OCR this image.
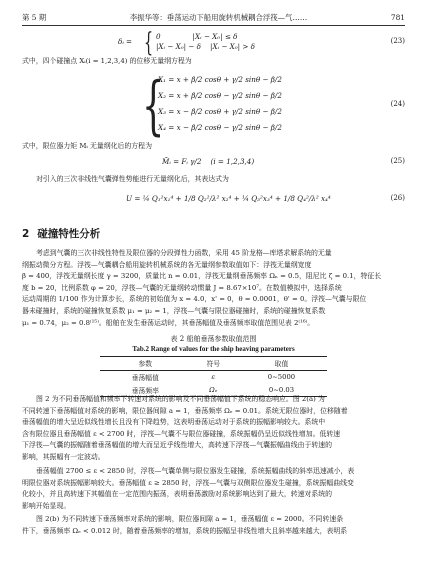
第 5 期	李振华等：垂荡运动下船用旋转机械耦合浮筏—气……	781
δᵢ = { 0              |Xᵢ − X₀| ≤ δ
|Xᵢ − X₀| − δ    |Xᵢ − X₀| > δ
(23)
式中，四个碰撞点 Xᵢ(i = 1,2,3,4) 的位移无量纲方程为
{
X₁ = x + β/2 cosθ + γ/2 sinθ − β/2
X₂ = x + β/2 cosθ − γ/2 sinθ − β/2
X₃ = x − β/2 cosθ + γ/2 sinθ − β/2
X₄ = x − β/2 cosθ − γ/2 sinθ − β/2
(24)
式中，限位器力矩 Mᵢ 无量纲化后的方程为
M̄ᵢ = Fᵢ γ/2    (i = 1,2,3,4)	(25)
对引入的三次非线性气囊弹性势能进行无量纲化后，其表达式为
U = ¼ Q₁²x₁⁴ + 1/8 Q₂²/λ² x₂⁴ + ¼ Q₃²x₃⁴ + 1/8 Q₄²/λ² x₄⁴	(26)
2 碰撞特性分析
考虑到气囊的三次非线性特性及限位器的分段弹性力函数，采用 45 阶龙格—库塔求解系统的无量
纲振动微分方程。浮筏—气囊耦合船用旋转机械系统的各无量纲参数取值如下：浮筏无量纲宽度
β = 400，浮筏无量纲长度 γ = 3200，质量比 n = 0.01，浮筏无量纲垂荡频率 Ωₙ = 0.5，阻尼比 ζ = 0.1，特征长
度 b = 20，比例系数 φ = 20，浮筏—气囊的无量纲转动惯量 J = 8.67×10⁷。在数值模拟中，选择系统
运动周期的 1/100 作为计算步长，系统的初始值为 x = 4.0，x' = 0，θ = 0.0001，θ' = 0。浮筏—气囊与限位
器未碰撞时，系统的碰撞恢复系数 μ₁ = μ₂ = 1，浮筏—气囊与限位器碰撞时，系统的碰撞恢复系数
μ₁ = 0.74，μ₂ = 0.8⁽¹⁵⁾。船舶在发生垂荡运动时，其垂荡幅值及垂荡频率取值范围见表 2⁽¹⁶⁾。
表 2 船舶垂荡参数取值范围
Tab.2 Range of values for the ship heaving parameters
参数	符号	取值
垂荡幅值	ε	0~5000
垂荡频率	Ωₑ	0~0.03
图 2 为不同垂荡幅值和频率下转速对系统的影响及不同垂荡幅值下系统的稳态响应。图 2(a) 为
不同转速下垂荡幅值对系统的影响，限位器间隙 a = 1，垂荡频率 Ωₑ = 0.01。系统无限位器时，位移随着
垂荡幅值的增大呈近似线性增长且没有下降趋势，这表明垂荡运动对于系统的振幅影响较大。系统中
含有限位器且垂荡幅值 ε < 2700 时，浮筏—气囊不与限位器碰撞，系统振幅仍呈近似线性增加。低转速
下浮筏—气囊的振幅随着垂荡幅值的增大而呈近乎线性增大，高转速下浮筏—气囊振幅曲线由于转速的
影响，其振幅有一定波动。
垂荡幅值 2700 ≤ ε < 2850 时，浮筏—气囊单侧与限位器发生碰撞，系统振幅曲线的斜率迅速减小，表
明限位器对系统振幅影响较大。垂荡幅值 ε ≥ 2850 时，浮筏—气囊与双侧限位器发生碰撞，系统振幅曲线变
化较小，并且高转速下其幅值在一定范围内振荡，表明垂荡激励对系统影响达到了最大，转速对系统的
影响开始显现。
图 2(b) 为不同转速下垂荡频率对系统的影响，限位器间隙 a = 1，垂荡幅值 ε = 2000。不同转速条
件下，垂荡频率 Ωₑ < 0.012 时，随着垂荡频率的增加，系统的振幅呈非线性增大且斜率越来越大，表明系
